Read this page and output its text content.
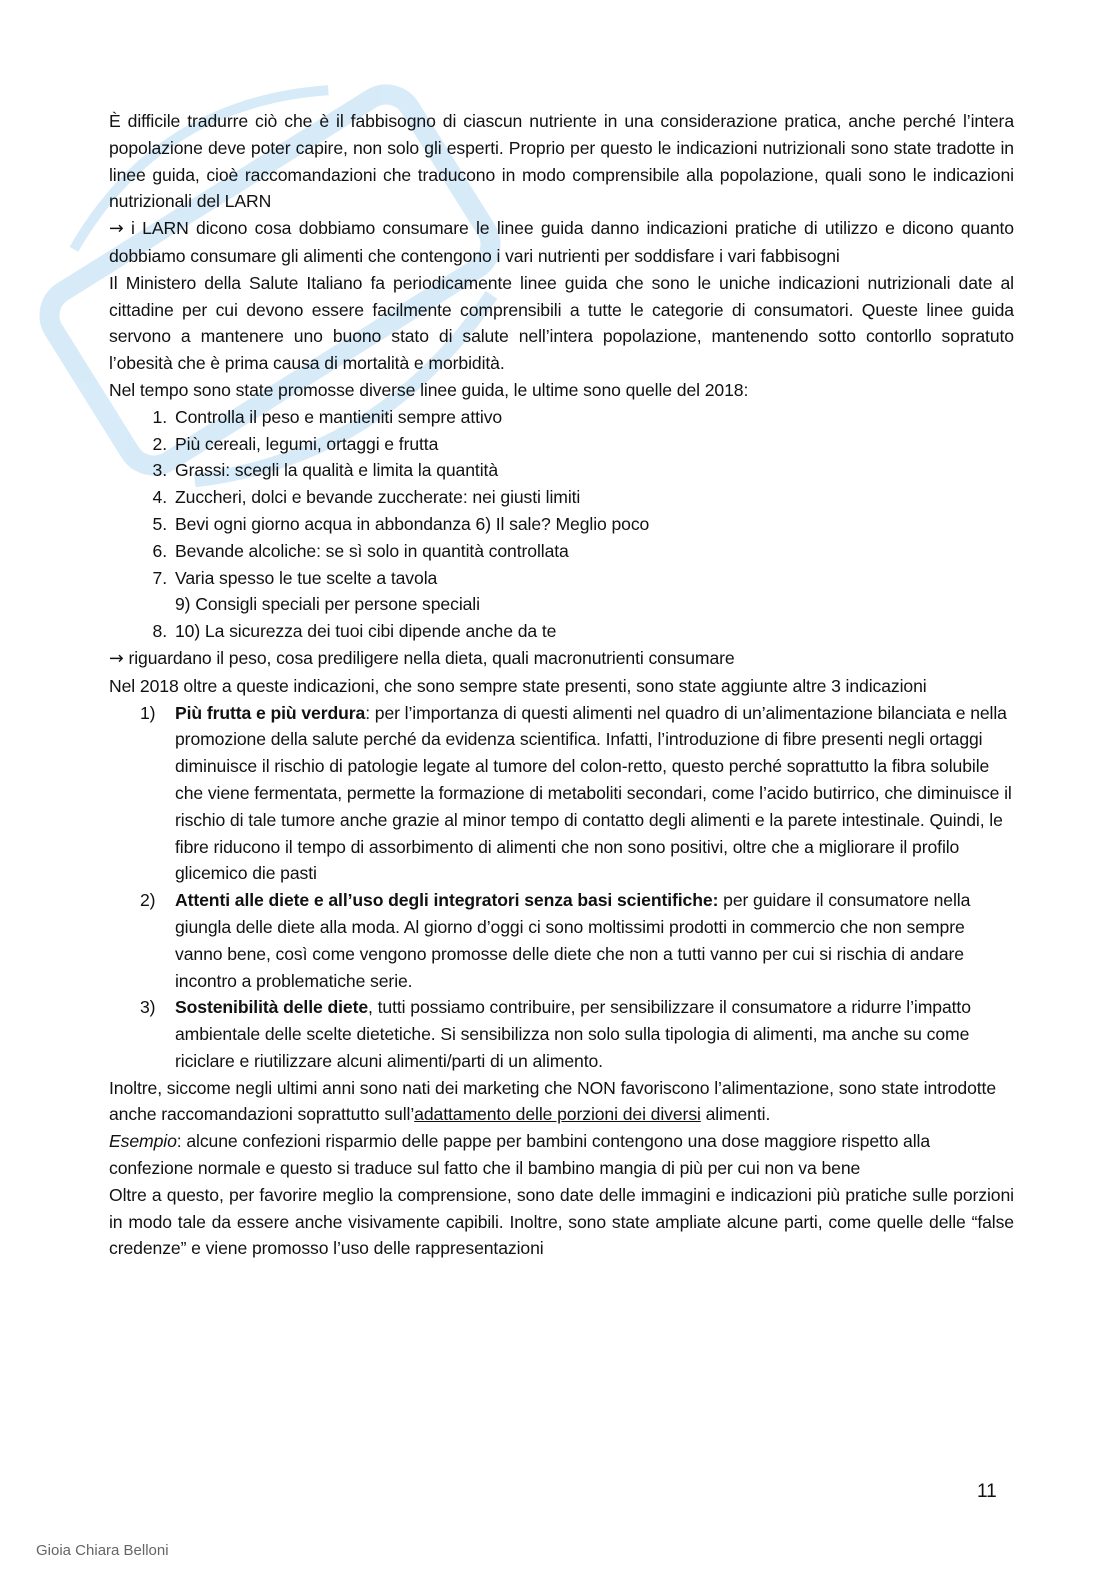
È difficile tradurre ciò che è il fabbisogno di ciascun nutriente in una considerazione pratica, anche perché l’intera popolazione deve poter capire, non solo gli esperti. Proprio per questo le indicazioni nutrizionali sono state tradotte in linee guida, cioè raccomandazioni che traducono in modo comprensibile alla popolazione, quali sono le indicazioni nutrizionali del LARN

→ i LARN dicono cosa dobbiamo consumare le linee guida danno indicazioni pratiche di utilizzo e dicono quanto dobbiamo consumare gli alimenti che contengono i vari nutrienti per soddisfare i vari fabbisogni

Il Ministero della Salute Italiano fa periodicamente linee guida che sono le uniche indicazioni nutrizionali date al cittadine per cui devono essere facilmente comprensibili a tutte le categorie di consumatori. Queste linee guida servono a mantenere uno buono stato di salute nell’intera popolazione, mantenendo sotto contorllo sopratuto l’obesità che è prima causa di mortalità e morbidità.

Nel tempo sono state promosse diverse linee guida, le ultime sono quelle del 2018:

1. Controlla il peso e mantieniti sempre attivo
2. Più cereali, legumi, ortaggi e frutta
3. Grassi: scegli la qualità e limita la quantità
4. Zuccheri, dolci e bevande zuccherate: nei giusti limiti
5. Bevi ogni giorno acqua in abbondanza 6) Il sale? Meglio poco
6. Bevande alcoliche: se sì solo in quantità controllata
7. Varia spesso le tue scelte a tavola
9) Consigli speciali per persone speciali
8. 10) La sicurezza dei tuoi cibi dipende anche da te

→ riguardano il peso, cosa prediligere nella dieta, quali macronutrienti consumare

Nel 2018 oltre a queste indicazioni, che sono sempre state presenti, sono state aggiunte altre 3 indicazioni

1) Più frutta e più verdura: per l’importanza di questi alimenti nel quadro di un’alimentazione bilanciata e nella promozione della salute perché da evidenza scientifica. Infatti, l’introduzione di fibre presenti negli ortaggi diminuisce il rischio di patologie legate al tumore del colon-retto, questo perché soprattutto la fibra solubile che viene fermentata, permette la formazione di metaboliti secondari, come l’acido butirrico, che diminuisce il rischio di tale tumore anche grazie al minor tempo di contatto degli alimenti e la parete intestinale. Quindi, le fibre riducono il tempo di assorbimento di alimenti che non sono positivi, oltre che a migliorare il profilo glicemico die pasti
2) Attenti alle diete e all’uso degli integratori senza basi scientifiche: per guidare il consumatore nella giungla delle diete alla moda. Al giorno d’oggi ci sono moltissimi prodotti in commercio che non sempre vanno bene, così come vengono promosse delle diete che non a tutti vanno per cui si rischia di andare incontro a problematiche serie.
3) Sostenibilità delle diete, tutti possiamo contribuire, per sensibilizzare il consumatore a ridurre l’impatto ambientale delle scelte dietetiche. Si sensibilizza non solo sulla tipologia di alimenti, ma anche su come riciclare e riutilizzare alcuni alimenti/parti di un alimento.

Inoltre, siccome negli ultimi anni sono nati dei marketing che NON favoriscono l’alimentazione, sono state introdotte anche raccomandazioni soprattutto sull’adattamento delle porzioni dei diversi alimenti.

Esempio: alcune confezioni risparmio delle pappe per bambini contengono una dose maggiore rispetto alla confezione normale e questo si traduce sul fatto che il bambino mangia di più per cui non va bene

Oltre a questo, per favorire meglio la comprensione, sono date delle immagini e indicazioni più pratiche sulle porzioni in modo tale da essere anche visivamente capibili. Inoltre, sono state ampliate alcune parti, come quelle delle “false credenze” e viene promosso l’uso delle rappresentazioni

11
Gioia Chiara Belloni
